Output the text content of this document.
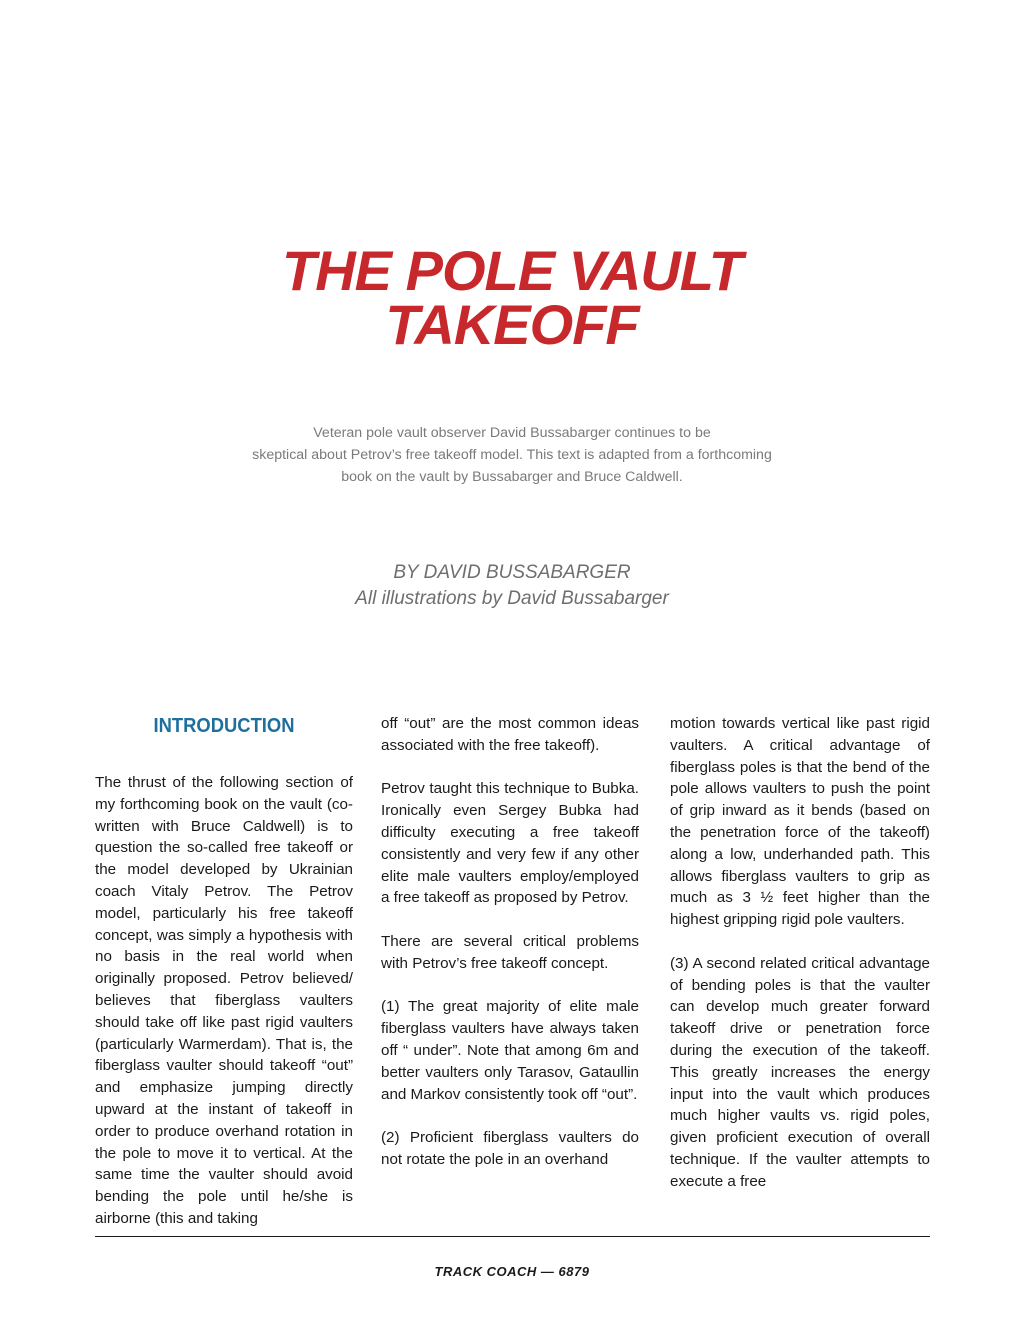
THE POLE VAULT
TAKEOFF
Veteran pole vault observer David Bussabarger continues to be
skeptical about Petrov’s free takeoff model. This text is adapted from a forthcoming
book on the vault by Bussabarger and Bruce Caldwell.
BY DAVID BUSSABARGER
All illustrations by David Bussabarger
INTRODUCTION

The thrust of the following section of my forthcoming book on the vault (co-written with Bruce Caldwell) is to question the so-called free takeoff or the model developed by Ukrainian coach Vitaly Petrov. The Petrov model, particularly his free takeoff concept, was simply a hypothesis with no basis in the real world when originally proposed. Petrov believed/ believes that fiberglass vaulters should take off like past rigid vaulters (particularly Warmerdam). That is, the fiberglass vaulter should takeoff “out” and emphasize jumping directly upward at the instant of takeoff in order to produce overhand rotation in the pole to move it to vertical. At the same time the vaulter should avoid bending the pole until he/she is airborne (this and taking

off “out” are the most common ideas associated with the free takeoff).

Petrov taught this technique to Bubka. Ironically even Sergey Bubka had difficulty executing a free takeoff consistently and very few if any other elite male vaulters employ/employed a free takeoff as proposed by Petrov.

There are several critical problems with Petrov’s free takeoff concept.

(1) The great majority of elite male fiberglass vaulters have always taken off “ under”. Note that among 6m and better vaulters only Tarasov, Gataullin and Markov consistently took off “out”.

(2) Proficient fiberglass vaulters do not rotate the pole in an overhand

motion towards vertical like past rigid vaulters. A critical advantage of fiberglass poles is that the bend of the pole allows vaulters to push the point of grip inward as it bends (based on the penetration force of the takeoff) along a low, underhanded path. This allows fiberglass vaulters to grip as much as 3 ½ feet higher than the highest gripping rigid pole vaulters.

(3) A second related critical advantage of bending poles is that the vaulter can develop much greater forward takeoff drive or penetration force during the execution of the takeoff. This greatly increases the energy input into the vault which produces much higher vaults vs. rigid poles, given proficient execution of overall technique. If the vaulter attempts to execute a free

TRACK COACH — 6879
